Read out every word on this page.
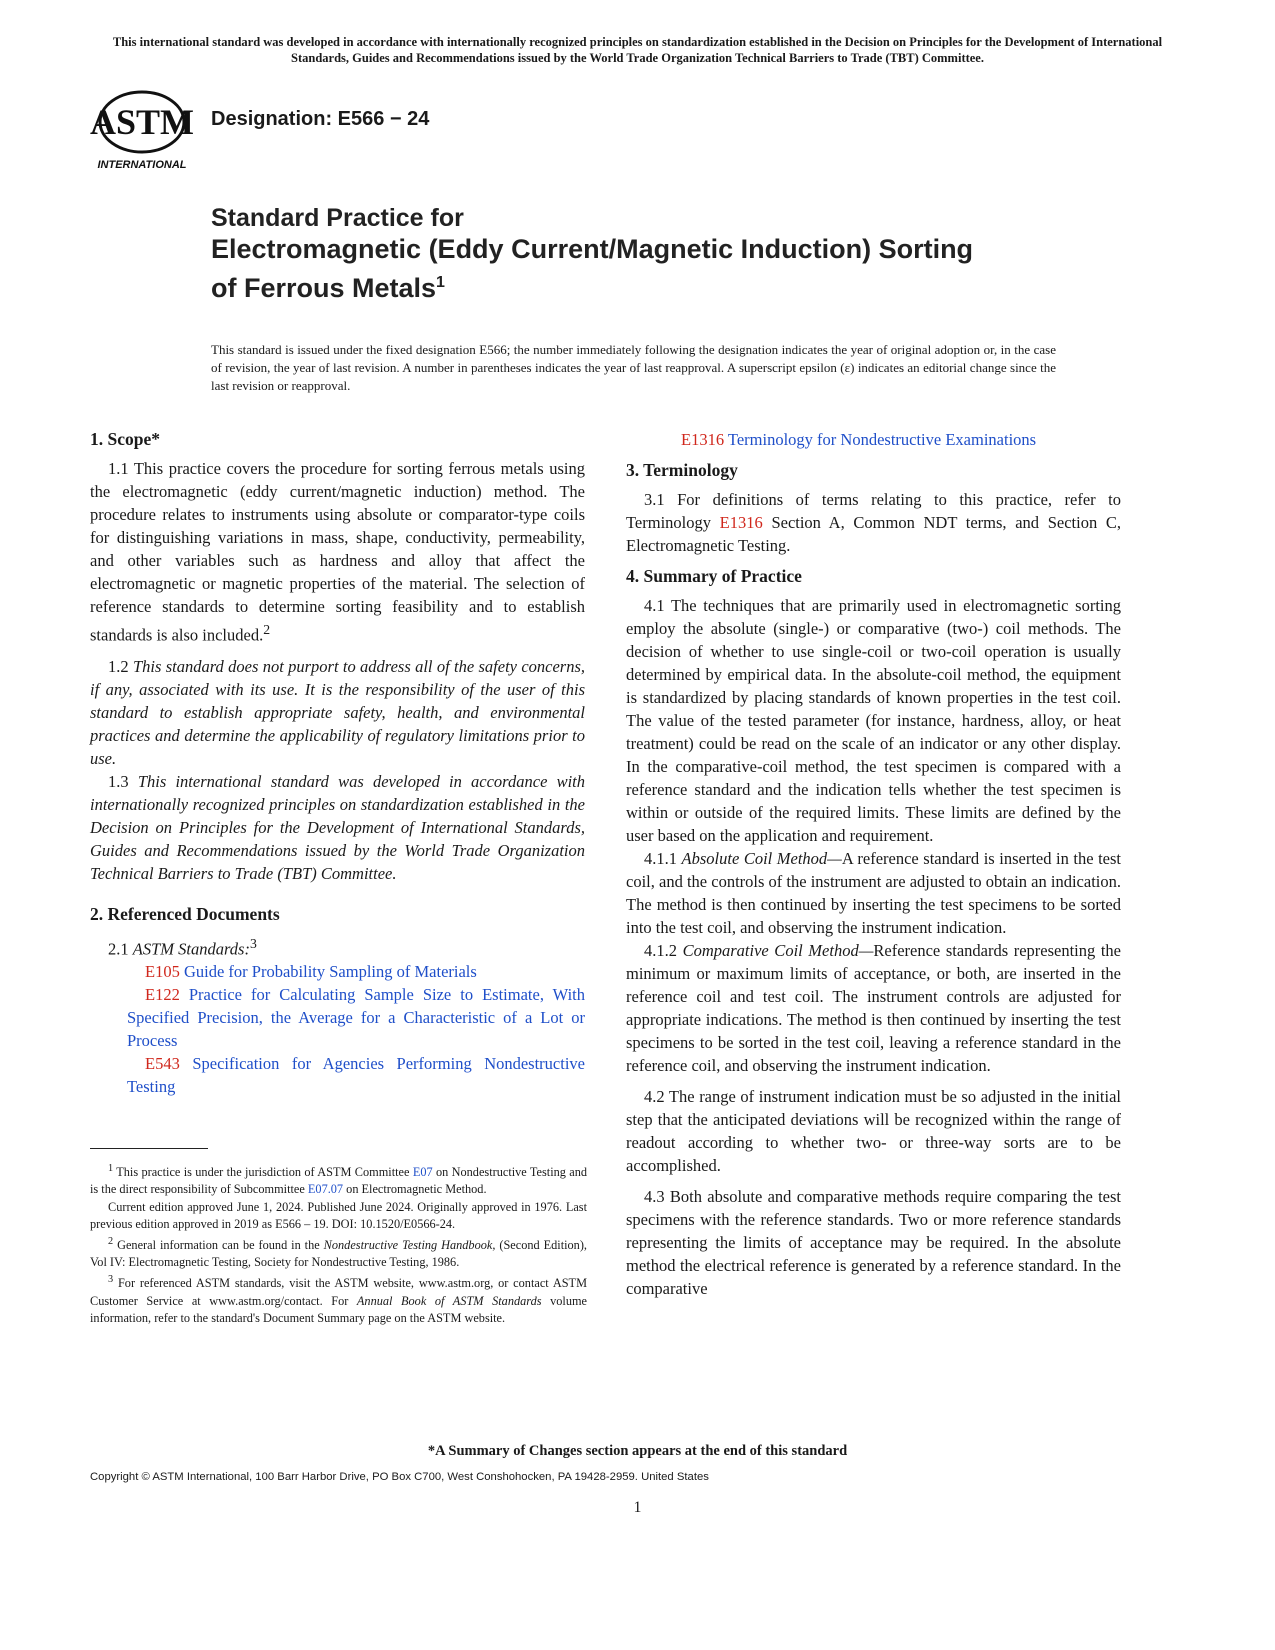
This international standard was developed in accordance with internationally recognized principles on standardization established in the Decision on Principles for the Development of International Standards, Guides and Recommendations issued by the World Trade Organization Technical Barriers to Trade (TBT) Committee.
ASTM
INTERNATIONAL
Designation: E566 − 24
Standard Practice for
Electromagnetic (Eddy Current/Magnetic Induction) Sorting
of Ferrous Metals$^1$
This standard is issued under the fixed designation E566; the number immediately following the designation indicates the year of original adoption or, in the case of revision, the year of last revision. A number in parentheses indicates the year of last reapproval. A superscript epsilon (ε) indicates an editorial change since the last revision or reapproval.
1. Scope*

1.1 This practice covers the procedure for sorting ferrous metals using the electromagnetic (eddy current/magnetic induction) method. The procedure relates to instruments using absolute or comparator-type coils for distinguishing variations in mass, shape, conductivity, permeability, and other variables such as hardness and alloy that affect the electromagnetic or magnetic properties of the material. The selection of reference standards to determine sorting feasibility and to establish standards is also included.$^2$

1.2 This standard does not purport to address all of the safety concerns, if any, associated with its use. It is the responsibility of the user of this standard to establish appropriate safety, health, and environmental practices and determine the applicability of regulatory limitations prior to use.

1.3 This international standard was developed in accordance with internationally recognized principles on standardization established in the Decision on Principles for the Development of International Standards, Guides and Recommendations issued by the World Trade Organization Technical Barriers to Trade (TBT) Committee.

2. Referenced Documents

2.1 ASTM Standards:$^3$

E105 Guide for Probability Sampling of Materials

E122 Practice for Calculating Sample Size to Estimate, With Specified Precision, the Average for a Characteristic of a Lot or Process

E543 Specification for Agencies Performing Nondestructive Testing

E1316 Terminology for Nondestructive Examinations

3. Terminology

3.1 For definitions of terms relating to this practice, refer to Terminology E1316 Section A, Common NDT terms, and Section C, Electromagnetic Testing.

4. Summary of Practice

4.1 The techniques that are primarily used in electromagnetic sorting employ the absolute (single-) or comparative (two-) coil methods. The decision of whether to use single-coil or two-coil operation is usually determined by empirical data. In the absolute-coil method, the equipment is standardized by placing standards of known properties in the test coil. The value of the tested parameter (for instance, hardness, alloy, or heat treatment) could be read on the scale of an indicator or any other display. In the comparative-coil method, the test specimen is compared with a reference standard and the indication tells whether the test specimen is within or outside of the required limits. These limits are defined by the user based on the application and requirement.

4.1.1 Absolute Coil Method—A reference standard is inserted in the test coil, and the controls of the instrument are adjusted to obtain an indication. The method is then continued by inserting the test specimens to be sorted into the test coil, and observing the instrument indication.

4.1.2 Comparative Coil Method—Reference standards representing the minimum or maximum limits of acceptance, or both, are inserted in the reference coil and test coil. The instrument controls are adjusted for appropriate indications. The method is then continued by inserting the test specimens to be sorted in the test coil, leaving a reference standard in the reference coil, and observing the instrument indication.

4.2 The range of instrument indication must be so adjusted in the initial step that the anticipated deviations will be recognized within the range of readout according to whether two- or three-way sorts are to be accomplished.

4.3 Both absolute and comparative methods require comparing the test specimens with the reference standards. Two or more reference standards representing the limits of acceptance may be required. In the absolute method the electrical reference is generated by a reference standard. In the comparative

$^1$ This practice is under the jurisdiction of ASTM Committee E07 on Nondestructive Testing and is the direct responsibility of Subcommittee E07.07 on Electromagnetic Method.

Current edition approved June 1, 2024. Published June 2024. Originally approved in 1976. Last previous edition approved in 2019 as E566 – 19. DOI: 10.1520/E0566-24.

$^2$ General information can be found in the Nondestructive Testing Handbook, (Second Edition), Vol IV: Electromagnetic Testing, Society for Nondestructive Testing, 1986.

$^3$ For referenced ASTM standards, visit the ASTM website, www.astm.org, or contact ASTM Customer Service at www.astm.org/contact. For Annual Book of ASTM Standards volume information, refer to the standard's Document Summary page on the ASTM website.

*A Summary of Changes section appears at the end of this standard
Copyright © ASTM International, 100 Barr Harbor Drive, PO Box C700, West Conshohocken, PA 19428-2959. United States
1
